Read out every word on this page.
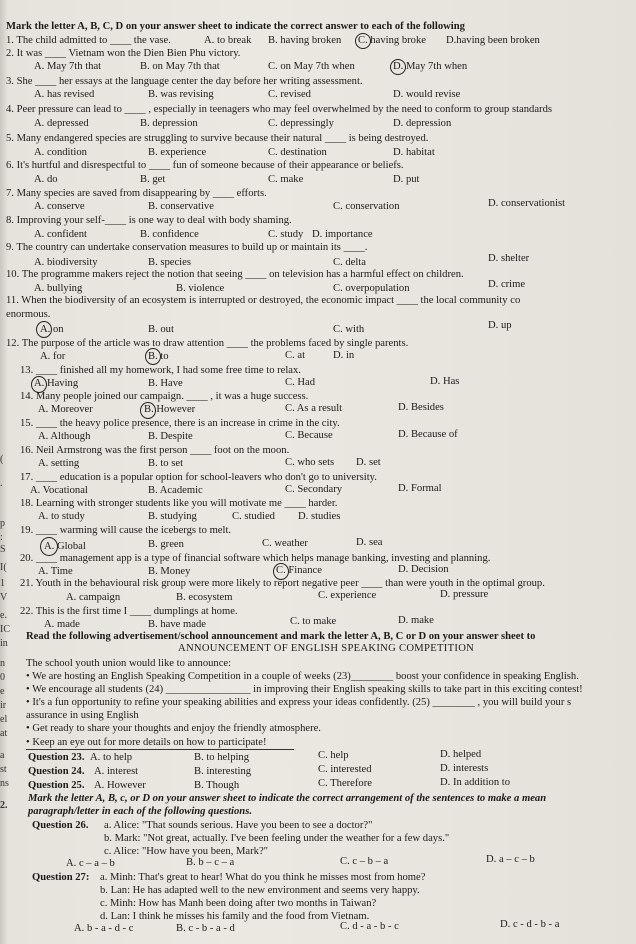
(
.
p
:
S
I(
1
V
e.
IC
in
n
0
e
ir
el
at
a
st
ns
2.
Mark the letter A, B, C, D on your answer sheet to indicate the correct answer to each of the following
1. The child admitted to ____ the vase.	A. to break B. having broken C. having broke D.having been broken
2. It was ____ Vietnam won the Dien Bien Phu victory.
A. May 7th that	B. on May 7th that	C. on May 7th when	D. May 7th when
3. She ____ her essays at the language center the day before her writing assessment.
A. has revised	B. was revising	C. revised	D. would revise
4. Peer pressure can lead to ____ , especially in teenagers who may feel overwhelmed by the need to conform to group standards
A. depressed	B. depression	C. depressingly	D. depression
5. Many endangered species are struggling to survive because their natural ____ is being destroyed.
A. condition	B. experience	C. destination	D. habitat
6. It's hurtful and disrespectful to ____ fun of someone because of their appearance or beliefs.
A. do	B. get	C. make	D. put
7. Many species are saved from disappearing by ____ efforts.
A. conserve	B. conservative	C. conservation	D. conservationist
8. Improving your self-____ is one way to deal with body shaming.
A. confident	B. confidence	C. study D. importance
9. The country can undertake conservation measures to build up or maintain its ____.
A. biodiversity	B. species	C. delta	D. shelter
10. The programme makers reject the notion that seeing ____ on television has a harmful effect on children.
A. bullying	B. violence	C. overpopulation	D. crime
11. When the biodiversity of an ecosystem is interrupted or destroyed, the economic impact ____ the local community co
enormous.
A. on	B. out	C. with	D. up
12. The purpose of the article was to draw attention ____ the problems faced by single parents.
A. for	B. to	C. at	D. in
13. ____ finished all my homework, I had some free time to relax.
A. Having	B. Have	C. Had	D. Has
14. Many people joined our campaign. ____ , it was a huge success.
A. Moreover	B. However	C. As a result	D. Besides
15. ____ the heavy police presence, there is an increase in crime in the city.
A. Although	B. Despite	C. Because	D. Because of
16. Neil Armstrong was the first person ____ foot on the moon.
A. setting	B. to set	C. who sets D. set
17. ____ education is a popular option for school-leavers who don't go to university.
A. Vocational	B. Academic	C. Secondary	D. Formal
18. Learning with stronger students like you will motivate me ____ harder.
A. to study	B. studying	C. studied D. studies
19. ____ warming will cause the icebergs to melt.
A. Global	B. green	C. weather	D. sea
20. ____ management app is a type of financial software which helps manage banking, investing and planning.
A. Time	B. Money	C. Finance	D. Decision
21. Youth in the behavioural risk group were more likely to report negative peer ____ than were youth in the optimal group.
A. campaign	B. ecosystem	C. experience	D. pressure
22. This is the first time I ____ dumplings at home.
A. made	B. have made	C. to make	D. make
Read the following advertisement/school announcement and mark the letter A, B, C or D on your answer sheet to
ANNOUNCEMENT OF ENGLISH SPEAKING COMPETITION
The school youth union would like to announce:
• We are hosting an English Speaking Competition in a couple of weeks (23)________ boost your confidence in speaking English.
• We encourage all students (24) ________________ in improving their English speaking skills to take part in this exciting contest!
• It's a fun opportunity to refine your speaking abilities and express your ideas confidently. (25) ________ , you will build your s
assurance in using English
• Get ready to share your thoughts and enjoy the friendly atmosphere.
• Keep an eye out for more details on how to participate!
Question 23. A. to help	B. to helping	C. help	D. helped
Question 24. A. interest	B. interesting	C. interested	D. interests
Question 25. A. However	B. Though	C. Therefore	D. In addition to
Mark the letter A, B, c, or D on your answer sheet to indicate the correct arrangement of the sentences to make a mean
paragraph/letter in each of the following questions.
Question 26. a. Alice: "That sounds serious. Have you been to see a doctor?"
b. Mark: "Not great, actually. I've been feeling under the weather for a few days."
c. Alice: "How have you been, Mark?"
A. c – a – b	B. b – c – a	C. c – b – a	D. a – c – b
Question 27: a. Minh: That's great to hear! What do you think he misses most from home?
b. Lan: He has adapted well to the new environment and seems very happy.
c. Minh: How has Manh been doing after two months in Taiwan?
d. Lan: I think he misses his family and the food from Vietnam.
A. b - a - d - c	B. c - b - a - d	C. d - a - b - c	D. c - d - b - a
